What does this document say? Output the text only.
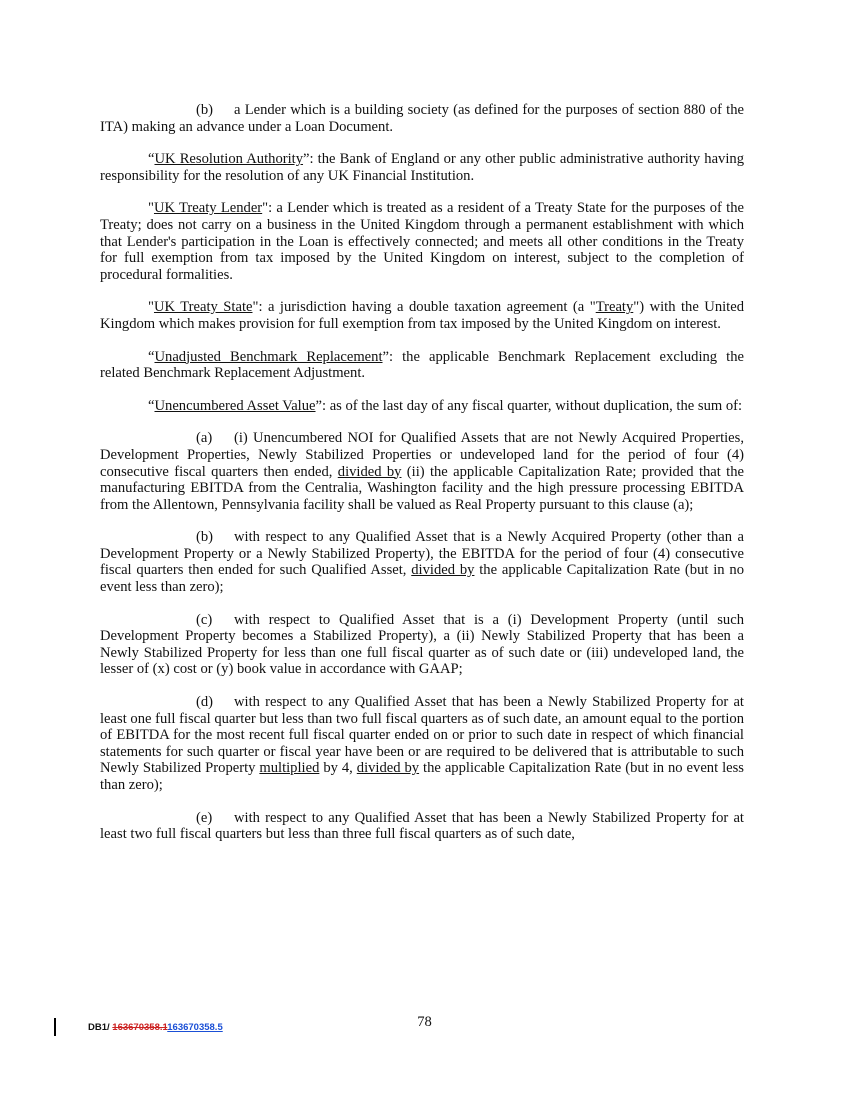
(b) a Lender which is a building society (as defined for the purposes of section 880 of the ITA) making an advance under a Loan Document.

“UK Resolution Authority”: the Bank of England or any other public administrative authority having responsibility for the resolution of any UK Financial Institution.

"UK Treaty Lender": a Lender which is treated as a resident of a Treaty State for the purposes of the Treaty; does not carry on a business in the United Kingdom through a permanent establishment with which that Lender's participation in the Loan is effectively connected; and meets all other conditions in the Treaty for full exemption from tax imposed by the United Kingdom on interest, subject to the completion of procedural formalities.

"UK Treaty State": a jurisdiction having a double taxation agreement (a "Treaty") with the United Kingdom which makes provision for full exemption from tax imposed by the United Kingdom on interest.

“Unadjusted Benchmark Replacement”: the applicable Benchmark Replacement excluding the related Benchmark Replacement Adjustment.

“Unencumbered Asset Value”: as of the last day of any fiscal quarter, without duplication, the sum of:

(a) (i) Unencumbered NOI for Qualified Assets that are not Newly Acquired Properties, Development Properties, Newly Stabilized Properties or undeveloped land for the period of four (4) consecutive fiscal quarters then ended, divided by (ii) the applicable Capitalization Rate; provided that the manufacturing EBITDA from the Centralia, Washington facility and the high pressure processing EBITDA from the Allentown, Pennsylvania facility shall be valued as Real Property pursuant to this clause (a);

(b) with respect to any Qualified Asset that is a Newly Acquired Property (other than a Development Property or a Newly Stabilized Property), the EBITDA for the period of four (4) consecutive fiscal quarters then ended for such Qualified Asset, divided by the applicable Capitalization Rate (but in no event less than zero);

(c) with respect to Qualified Asset that is a (i) Development Property (until such Development Property becomes a Stabilized Property), a (ii) Newly Stabilized Property that has been a Newly Stabilized Property for less than one full fiscal quarter as of such date or (iii) undeveloped land, the lesser of (x) cost or (y) book value in accordance with GAAP;

(d) with respect to any Qualified Asset that has been a Newly Stabilized Property for at least one full fiscal quarter but less than two full fiscal quarters as of such date, an amount equal to the portion of EBITDA for the most recent full fiscal quarter ended on or prior to such date in respect of which financial statements for such quarter or fiscal year have been or are required to be delivered that is attributable to such Newly Stabilized Property multiplied by 4, divided by the applicable Capitalization Rate (but in no event less than zero);

(e) with respect to any Qualified Asset that has been a Newly Stabilized Property for at least two full fiscal quarters but less than three full fiscal quarters as of such date,

DB1/ 163670358.1163670358.5	78
